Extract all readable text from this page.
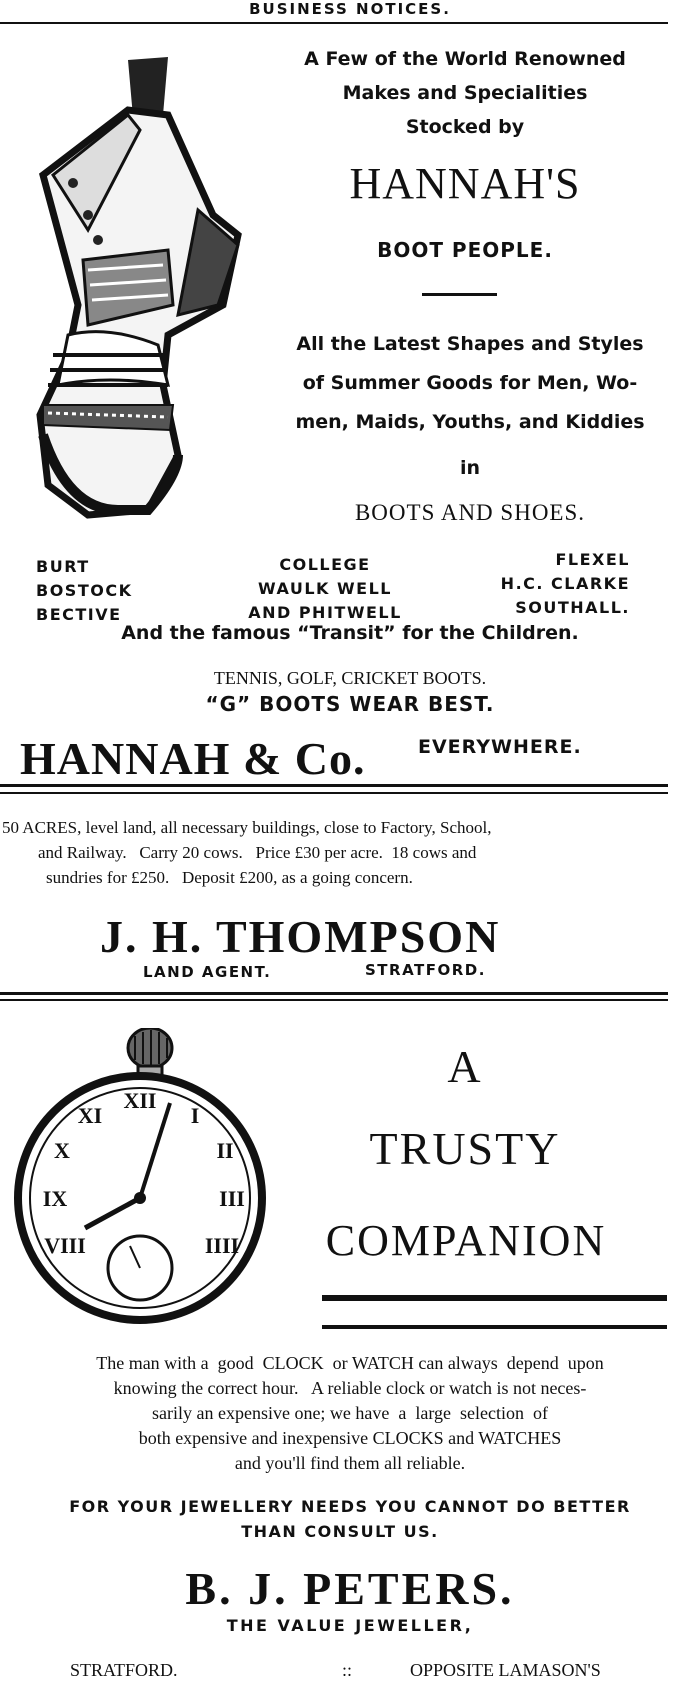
BUSINESS NOTICES.
A Few of the World Renowned
Makes and Specialities
Stocked by
HANNAH'S
BOOT PEOPLE.
All the Latest Shapes and Styles
of Summer Goods for Men, Wo-
men, Maids, Youths, and Kiddies
in
BOOTS AND SHOES.
BURT
BOSTOCK
BECTIVE
COLLEGE
WAULK WELL
AND PHITWELL
FLEXEL
H.C. CLARKE
SOUTHALL.
And the famous “Transit” for the Children.
TENNIS, GOLF, CRICKET BOOTS.
“G” BOOTS WEAR BEST.
HANNAH & Co.	EVERYWHERE.
50 ACRES, level land, all necessary buildings, close to Factory, School,
and Railway.   Carry 20 cows.   Price £30 per acre.  18 cows and
sundries for £250.   Deposit £200, as a going concern.
J. H. THOMPSON
LAND AGENT.	STRATFORD.
XII
I
II
III
IIII
VIII
IX
X
XI
A
TRUSTY
COMPANION
The man with a  good  CLOCK  or WATCH can always  depend  upon
knowing the correct hour.   A reliable clock or watch is not neces-
sarily an expensive one; we have  a  large  selection  of
both expensive and inexpensive CLOCKS and WATCHES
and you'll find them all reliable.
FOR YOUR JEWELLERY NEEDS YOU CANNOT DO BETTER
THAN CONSULT US.
B. J. PETERS.
THE VALUE JEWELLER,
STRATFORD.	::	OPPOSITE LAMASON'S
